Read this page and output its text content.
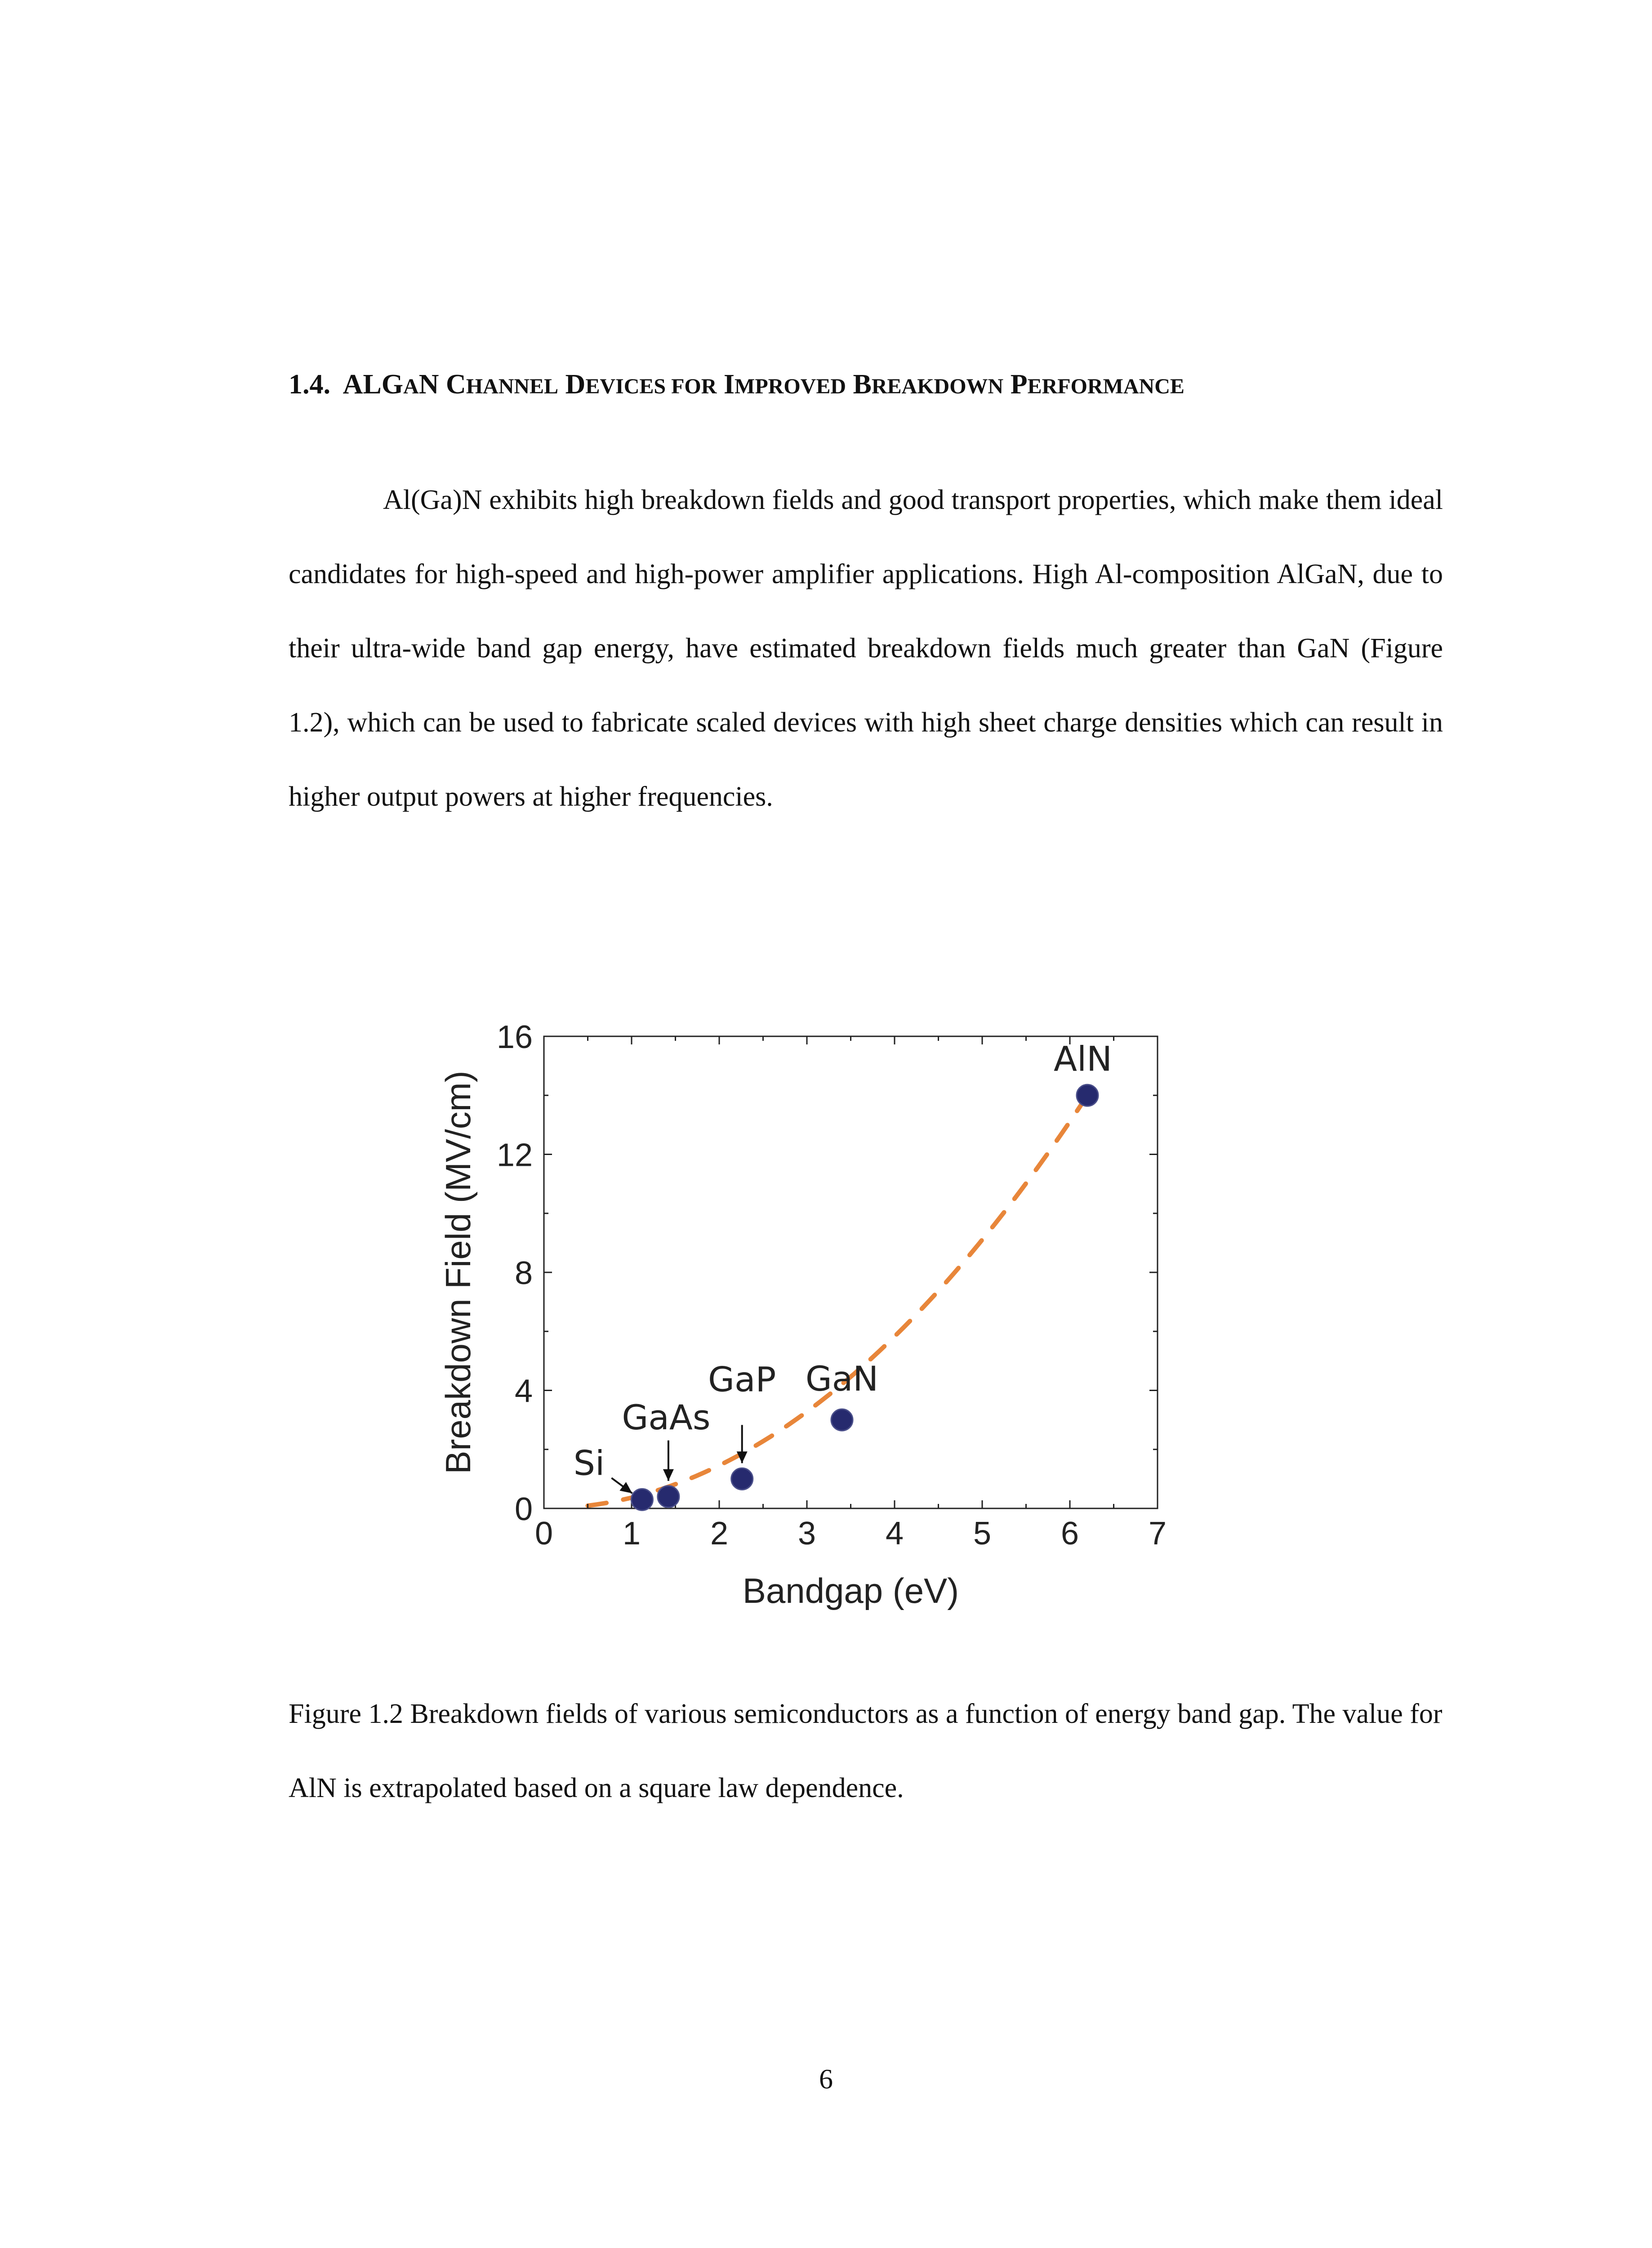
1.4. ALGAN CHANNEL DEVICES FOR IMPROVED BREAKDOWN PERFORMANCE

Al(Ga)N exhibits high breakdown fields and good transport properties, which make them ideal candidates for high-speed and high-power amplifier applications. High Al-composition AlGaN, due to their ultra-wide band gap energy, have estimated breakdown fields much greater than GaN (Figure 1.2), which can be used to fabricate scaled devices with high sheet charge densities which can result in higher output powers at higher frequencies.

0 1 2 3 4 5 6 7
0
4
8
12
16
Si
GaAs
GaP GaN
AlN
Bandgap (eV)
Breakdown Field (MV/cm)

Figure 1.2 Breakdown fields of various semiconductors as a function of energy band gap. The value for AlN is extrapolated based on a square law dependence.

6
